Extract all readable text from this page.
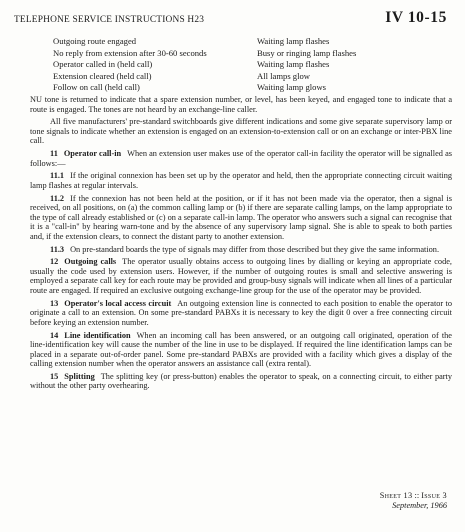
TELEPHONE SERVICE INSTRUCTIONS H23	IV 10-15
Outgoing route engaged	Waiting lamp flashes
No reply from extension after 30-60 seconds	Busy or ringing lamp flashes
Operator called in (held call)	Waiting lamp flashes
Extension cleared (held call)	All lamps glow
Follow on call (held call)	Waiting lamp glows

NU tone is returned to indicate that a spare extension number, or level, has been keyed, and engaged tone to indicate that a route is engaged. The tones are not heard by an exchange-line caller.

All five manufacturers' pre-standard switchboards give different indications and some give separate supervisory lamp or tone signals to indicate whether an extension is engaged on an extension-to-extension call or on an exchange or inter-PBX line call.

11 Operator call-in When an extension user makes use of the operator call-in facility the operator will be signalled as follows:—

11.1 If the original connexion has been set up by the operator and held, then the appropriate connecting circuit waiting lamp flashes at regular intervals.

11.2 If the connexion has not been held at the position, or if it has not been made via the operator, then a signal is received, on all positions, on (a) the common calling lamp or (b) if there are separate calling lamps, on the lamp appropriate to the type of call already established or (c) on a separate call-in lamp. The operator who answers such a signal can recognise that it is a "call-in" by hearing warn-tone and by the absence of any supervisory lamp signal. She is able to speak to both parties and, if the extension clears, to connect the distant party to another extension.

11.3 On pre-standard boards the type of signals may differ from those described but they give the same information.

12 Outgoing calls The operator usually obtains access to outgoing lines by dialling or keying an appropriate code, usually the code used by extension users. However, if the number of outgoing routes is small and selective answering is employed a separate call key for each route may be provided and group-busy signals will indicate when all lines of a particular route are engaged. If required an exclusive outgoing exchange-line group for the use of the operator may be provided.

13 Operator's local access circuit An outgoing extension line is connected to each position to enable the operator to originate a call to an extension. On some pre-standard PABXs it is necessary to key the digit 0 over a free connecting circuit before keying an extension number.

14 Line identification When an incoming call has been answered, or an outgoing call originated, operation of the line-identification key will cause the number of the line in use to be displayed. If required the line identification lamps can be placed in a separate out-of-order panel. Some pre-standard PABXs are provided with a facility which gives a display of the calling extension number when the operator answers an assistance call (extra rental).

15 Splitting The splitting key (or press-button) enables the operator to speak, on a connecting circuit, to either party without the other party overhearing.

Sheet 13 :: Issue 3
September, 1966
